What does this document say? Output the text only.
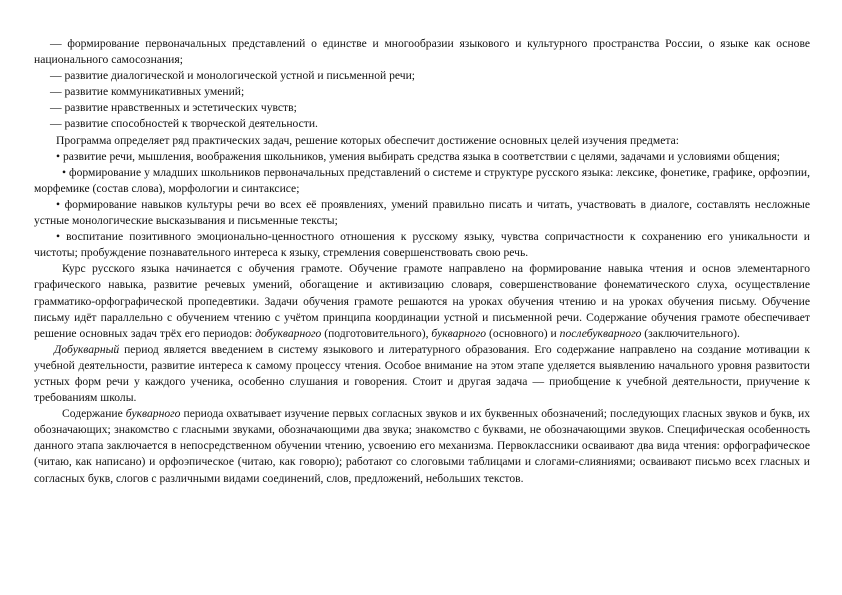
— формирование первоначальных представлений о единстве и многообразии языкового и культурного пространства России, о языке как основе национального самосознания;

— развитие диалогической и монологической устной и письменной речи;

— развитие коммуникативных умений;

— развитие нравственных и эстетических чувств;

— развитие способностей к творческой деятельности.

Программа определяет ряд практических задач, решение которых обеспечит достижение основных целей изучения предмета:

• развитие речи, мышления, воображения школьников, умения выбирать средства языка в соответствии с целями, задачами и условиями общения;

• формирование у младших школьников первоначальных представлений о системе и структуре русского языка: лексике, фонетике, графике, орфоэпии, морфемике (состав слова), морфологии и синтаксисе;

• формирование навыков культуры речи во всех её проявлениях, умений правильно писать и читать, участвовать в диалоге, составлять несложные устные монологические высказывания и письменные тексты;

• воспитание позитивного эмоционально-ценностного отношения к русскому языку, чувства сопричастности к сохранению его уникальности и чистоты; пробуждение познавательного интереса к языку, стремления совершенствовать свою речь.

Курс русского языка начинается с обучения грамоте. Обучение грамоте направлено на формирование навыка чтения и основ элементарного графического навыка, развитие речевых умений, обогащение и активизацию словаря, совершенствование фонематического слуха, осуществление грамматико-орфографической пропедевтики. Задачи обучения грамоте решаются на уроках обучения чтению и на уроках обучения письму. Обучение письму идёт параллельно с обучением чтению с учётом принципа координации устной и письменной речи. Содержание обучения грамоте обеспечивает решение основных задач трёх его периодов: добукварного (подготовительного), букварного (основного) и послебукварного (заключительного).

Добукварный период является введением в систему языкового и литературного образования. Его содержание направлено на создание мотивации к учебной деятельности, развитие интереса к самому процессу чтения. Особое внимание на этом этапе уделяется выявлению начального уровня развитости устных форм речи у каждого ученика, особенно слушания и говорения. Стоит и другая задача — приобщение к учебной деятельности, приучение к требованиям школы.

Содержание букварного периода охватывает изучение первых согласных звуков и их буквенных обозначений; последующих гласных звуков и букв, их обозначающих; знакомство с гласными звуками, обозначающими два звука; знакомство с буквами, не обозначающими звуков. Специфическая особенность данного этапа заключается в непосредственном обучении чтению, усвоению его механизма. Первоклассники осваивают два вида чтения: орфографическое (читаю, как написано) и орфоэпическое (читаю, как говорю); работают со слоговыми таблицами и слогами-слияниями; осваивают письмо всех гласных и согласных букв, слогов с различными видами соединений, слов, предложений, небольших текстов.
